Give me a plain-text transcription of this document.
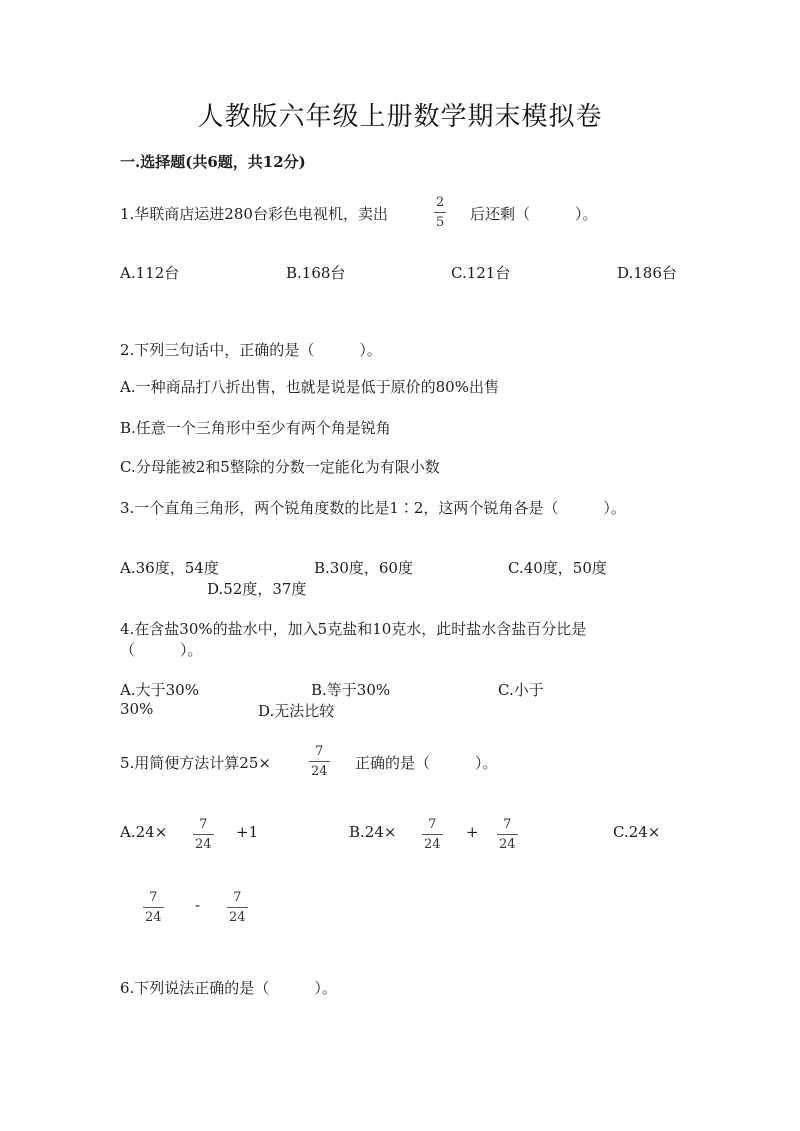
人教版六年级上册数学期末模拟卷
一.选择题(共6题，共12分)
1.华联商店运进280台彩色电视机，卖出
2
5 后还剩（　　　）。
A.112台	B.168台	C.121台	D.186台
2.下列三句话中，正确的是（　　　）。
A.一种商品打八折出售，也就是说是低于原价的80%出售
B.任意一个三角形中至少有两个角是锐角
C.分母能被2和5整除的分数一定能化为有限小数
3.一个直角三角形，两个锐角度数的比是1∶2，这两个锐角各是（　　　）。
A.36度，54度	B.30度，60度	C.40度，50度
D.52度，37度
4.在含盐30%的盐水中，加入5克盐和10克水，此时盐水含盐百分比是
（　　　）。
A.大于30%	B.等于30%	C.小于
30%	D.无法比较
5.用简便方法计算25×
7
24 正确的是（　　　）。
A.24× 7
24
+1	B.24× 7
24
+ 7
24
C.24×
7
24
-	7
24
6.下列说法正确的是（　　　）。
